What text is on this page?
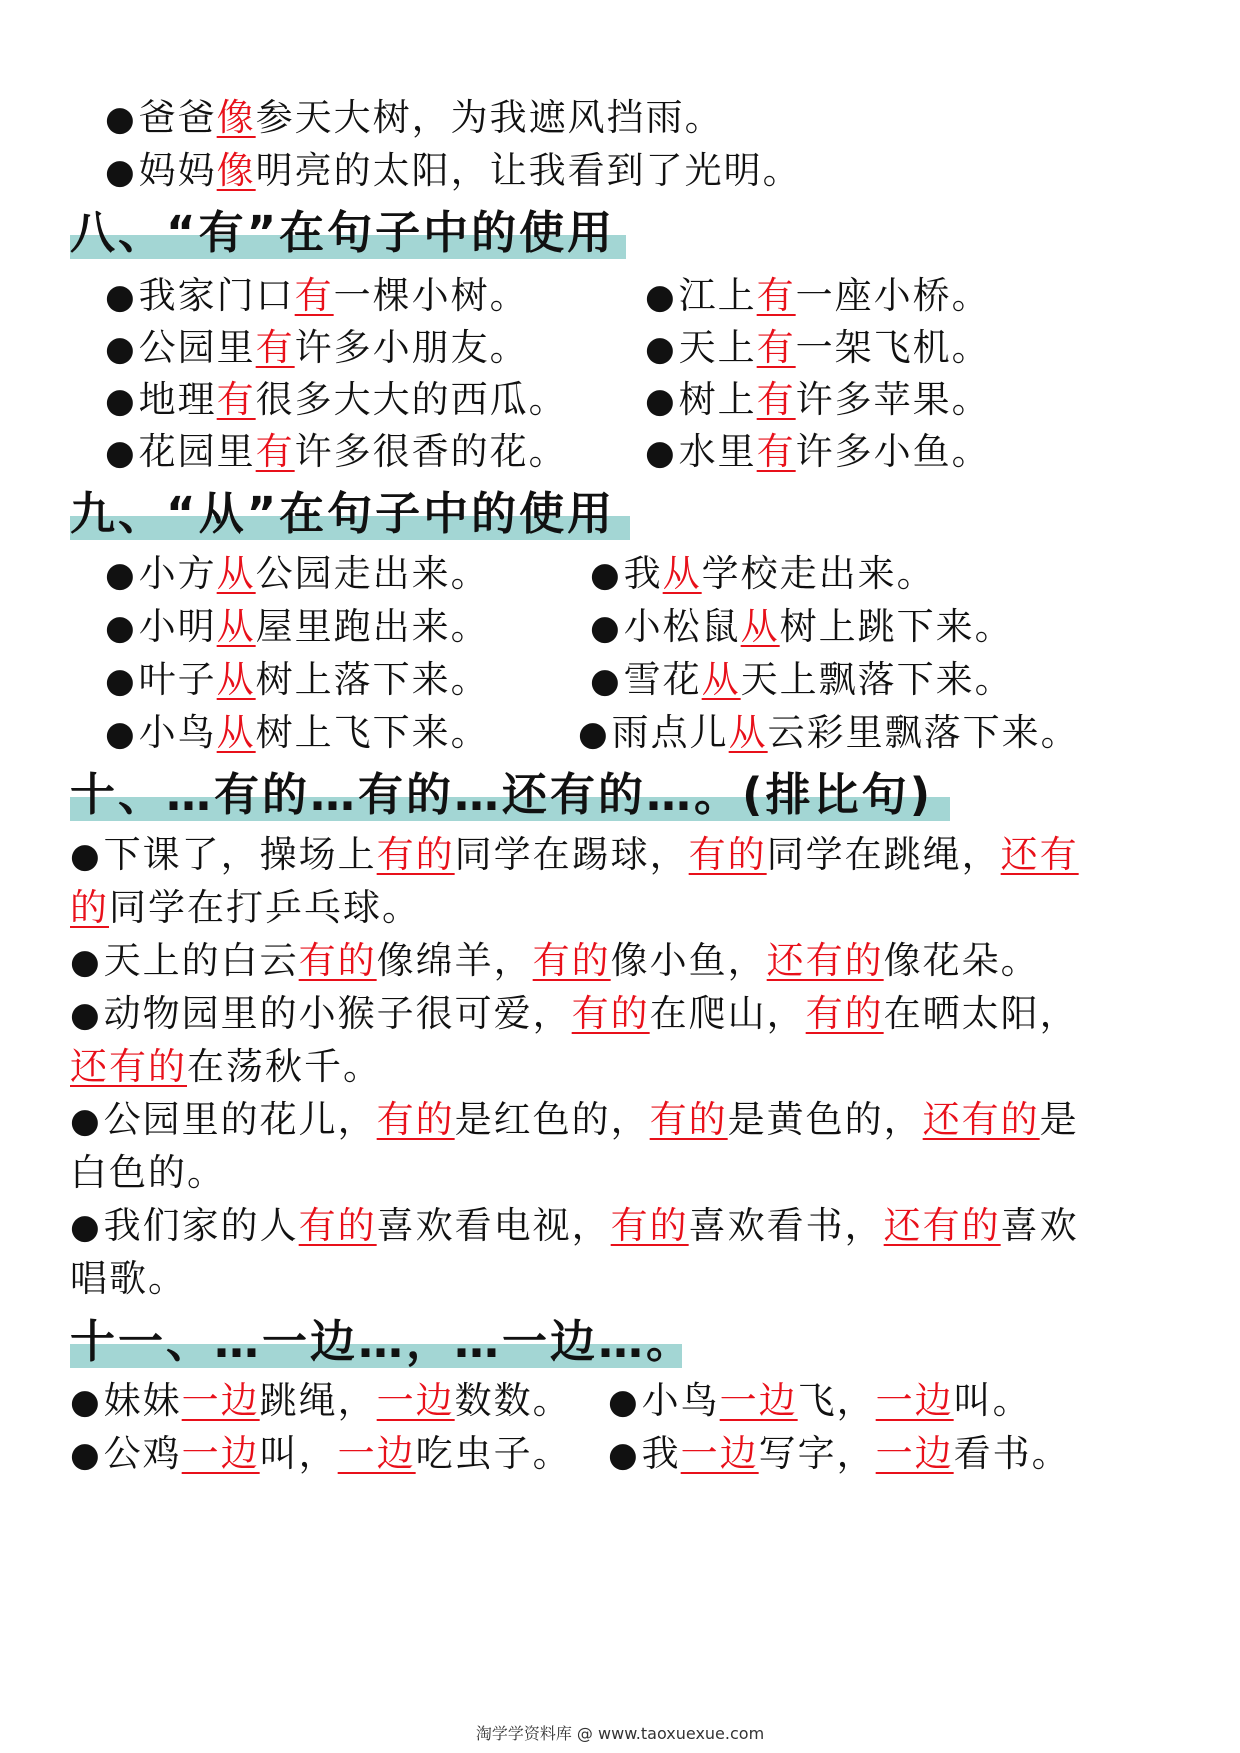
●爸爸像参天大树，为我遮风挡雨。
●妈妈像明亮的太阳，让我看到了光明。
八、“有”在句子中的使用
●我家门口有一棵小树。
●公园里有许多小朋友。
●地理有很多大大的西瓜。
●花园里有许多很香的花。
●江上有一座小桥。
●天上有一架飞机。
●树上有许多苹果。
●水里有许多小鱼。
九、“从”在句子中的使用
●小方从公园走出来。
●小明从屋里跑出来。
●叶子从树上落下来。
●小鸟从树上飞下来。
●我从学校走出来。
●小松鼠从树上跳下来。
●雪花从天上飘落下来。
●雨点儿从云彩里飘落下来。
十、…有的…有的…还有的…。(排比句)
●下课了，操场上有的同学在踢球，有的同学在跳绳，还有
的同学在打乒乓球。
●天上的白云有的像绵羊，有的像小鱼，还有的像花朵。
●动物园里的小猴子很可爱，有的在爬山，有的在晒太阳，
还有的在荡秋千。
●公园里的花儿，有的是红色的，有的是黄色的，还有的是
白色的。
●我们家的人有的喜欢看电视，有的喜欢看书，还有的喜欢
唱歌。
十一、…一边…，…一边…。
●妹妹一边跳绳，一边数数。
●公鸡一边叫，一边吃虫子。
●小鸟一边飞，一边叫。
●我一边写字，一边看书。
淘学学资料库 @ www.taoxuexue.com
